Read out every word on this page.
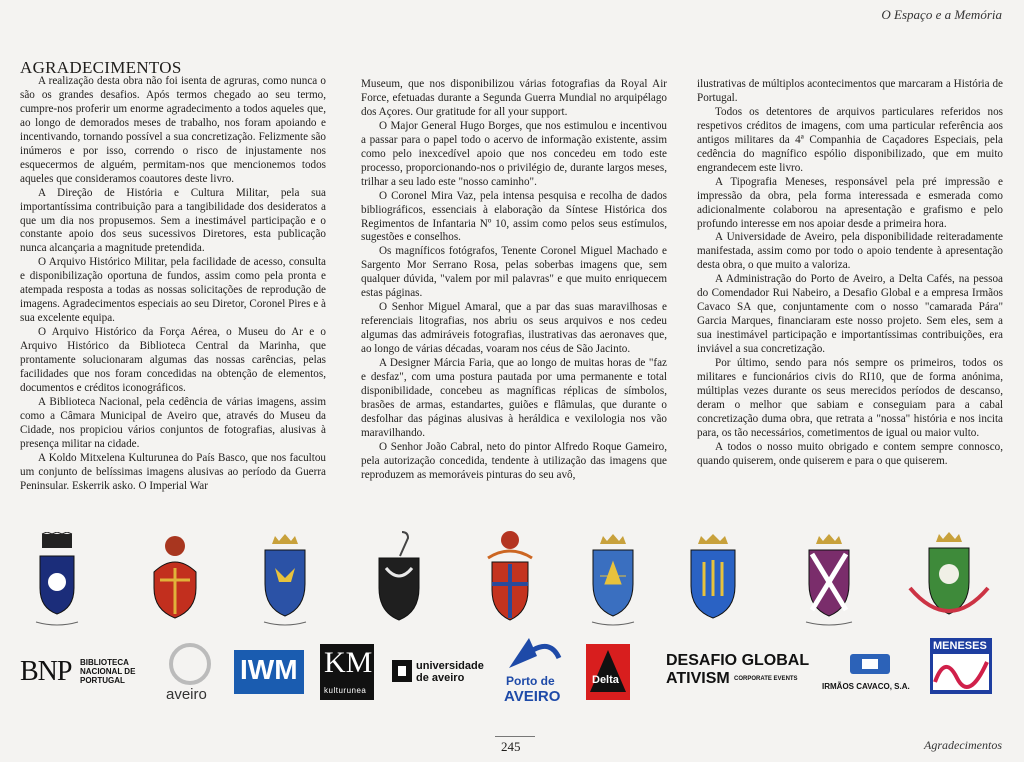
O Espaço e a Memória
AGRADECIMENTOS

A realização desta obra não foi isenta de agruras, como nunca o são os grandes desafios. Após termos chegado ao seu termo, cumpre-nos proferir um enorme agradecimento a todos aqueles que, ao longo de demorados meses de trabalho, nos foram apoiando e incentivando, tornando possível a sua concretização. Felizmente são inúmeros e por isso, correndo o risco de injustamente nos esquecermos de alguém, permitam-nos que mencionemos todos aqueles que consideramos coautores deste livro.

A Direção de História e Cultura Militar, pela sua importantíssima contribuição para a tangibilidade dos desideratos a que um dia nos propusemos. Sem a inestimável participação e o constante apoio dos seus sucessivos Diretores, esta publicação nunca alcançaria a magnitude pretendida.

O Arquivo Histórico Militar, pela facilidade de acesso, consulta e disponibilização oportuna de fundos, assim como pela pronta e atempada resposta a todas as nossas solicitações de reprodução de imagens. Agradecimentos especiais ao seu Diretor, Coronel Pires e à sua excelente equipa.

O Arquivo Histórico da Força Aérea, o Museu do Ar e o Arquivo Histórico da Biblioteca Central da Marinha, que prontamente solucionaram algumas das nossas carências, pelas facilidades que nos foram concedidas na obtenção de elementos, documentos e créditos iconográficos.

A Biblioteca Nacional, pela cedência de várias imagens, assim como a Câmara Municipal de Aveiro que, através do Museu da Cidade, nos propiciou vários conjuntos de fotografias, alusivas à presença militar na cidade.

A Koldo Mitxelena Kulturunea do País Basco, que nos facultou um conjunto de belíssimas imagens alusivas ao período da Guerra Peninsular. Eskerrik asko. O Imperial War

Museum, que nos disponibilizou várias fotografias da Royal Air Force, efetuadas durante a Segunda Guerra Mundial no arquipélago dos Açores. Our gratitude for all your support.

O Major General Hugo Borges, que nos estimulou e incentivou a passar para o papel todo o acervo de informação existente, assim como pelo inexcedível apoio que nos concedeu em todo este processo, proporcionando-nos o privilégio de, durante largos meses, trilhar a seu lado este "nosso caminho".

O Coronel Mira Vaz, pela intensa pesquisa e recolha de dados bibliográficos, essenciais à elaboração da Síntese Histórica dos Regimentos de Infantaria Nº 10, assim como pelos seus estímulos, sugestões e conselhos.

Os magníficos fotógrafos, Tenente Coronel Miguel Machado e Sargento Mor Serrano Rosa, pelas soberbas imagens que, sem qualquer dúvida, "valem por mil palavras" e que muito enriquecem estas páginas.

O Senhor Miguel Amaral, que a par das suas maravilhosas e referenciais litografias, nos abriu os seus arquivos e nos cedeu algumas das admiráveis fotografias, ilustrativas das aeronaves que, ao longo de várias décadas, voaram nos céus de São Jacinto.

A Designer Márcia Faria, que ao longo de muitas horas de "faz e desfaz", com uma postura pautada por uma permanente e total disponibilidade, concebeu as magníficas réplicas de símbolos, brasões de armas, estandartes, guiões e flâmulas, que durante o desfolhar das páginas alusivas à heráldica e vexilologia nos vão maravilhando.

O Senhor João Cabral, neto do pintor Alfredo Roque Gameiro, pela autorização concedida, tendente à utilização das imagens que reproduzem as memoráveis pinturas do seu avô,

ilustrativas de múltiplos acontecimentos que marcaram a História de Portugal.

Todos os detentores de arquivos particulares referidos nos respetivos créditos de imagens, com uma particular referência aos antigos militares da 4ª Companhia de Caçadores Especiais, pela cedência do magnífico espólio disponibilizado, que em muito engrandecem este livro.

A Tipografia Meneses, responsável pela pré impressão e impressão da obra, pela forma interessada e esmerada como adicionalmente colaborou na apresentação e grafismo e pelo profundo interesse em nos apoiar desde a primeira hora.

A Universidade de Aveiro, pela disponibilidade reiteradamente manifestada, assim como por todo o apoio tendente à apresentação desta obra, o que muito a valoriza.

A Administração do Porto de Aveiro, a Delta Cafés, na pessoa do Comendador Rui Nabeiro, a Desafio Global e a empresa Irmãos Cavaco SA que, conjuntamente com o nosso "camarada Pára" Garcia Marques, financiaram este nosso projeto. Sem eles, sem a sua inestimável participação e importantíssimas contribuições, era inviável a sua concretização.

Por último, sendo para nós sempre os primeiros, todos os militares e funcionários civis do RI10, que de forma anónima, múltiplas vezes durante os seus merecidos períodos de descanso, deram o melhor que sabiam e conseguiam para a cabal concretização duma obra, que retrata a "nossa" história e nos incita para, os tão necessários, cometimentos de igual ou maior vulto.

A todos o nosso muito obrigado e contem sempre connosco, quando quiserem, onde quiserem e para o que quiserem.

BNP BIBLIOTECA NACIONAL DE PORTUGAL
aveiro
IWM KM
kulturunea
universidade de aveiro	Porto de
AVEIRO
Delta
DESAFIO GLOBAL
ATIVISM CORPORATE EVENTS
IRMÃOS CAVACO, S.A.
MENESES
245	Agradecimentos
